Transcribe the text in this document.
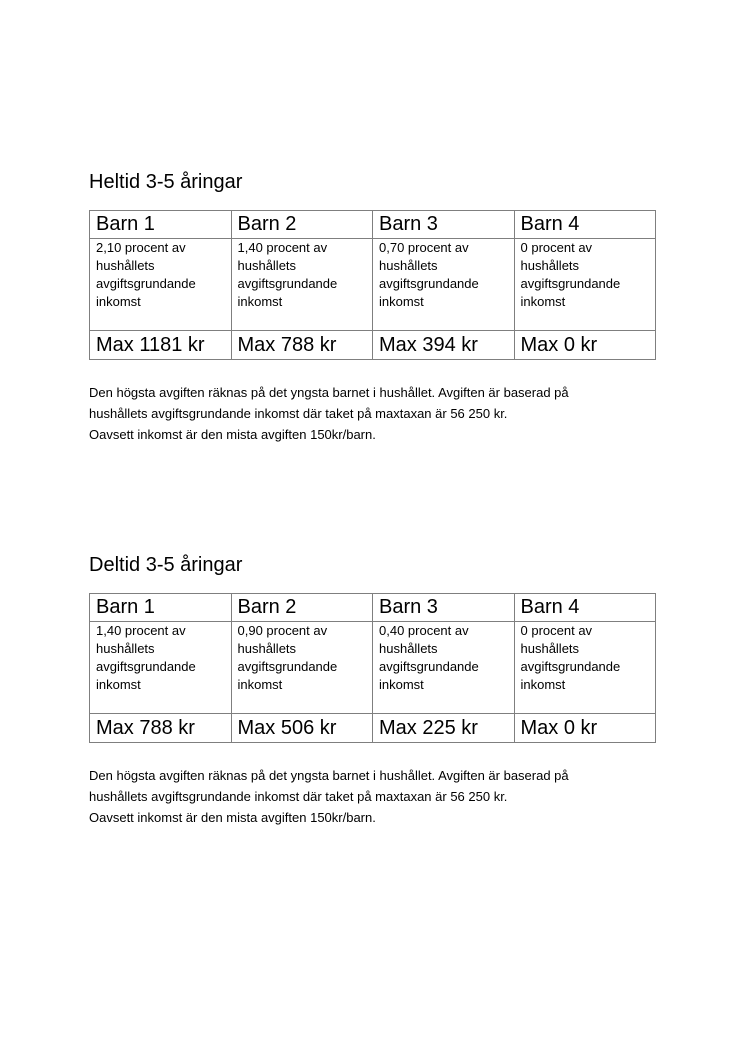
Heltid 3-5 åringar
Barn 1	Barn 2	Barn 3	Barn 4
2,10 procent av hushållets avgiftsgrundande inkomst	1,40 procent av hushållets avgiftsgrundande inkomst	0,70 procent av hushållets avgiftsgrundande inkomst	0 procent av hushållets avgiftsgrundande inkomst
Max 1181 kr	Max 788 kr	Max 394 kr	Max 0 kr

Den högsta avgiften räknas på det yngsta barnet i hushållet. Avgiften är baserad på

hushållets avgiftsgrundande inkomst där taket på maxtaxan är 56 250 kr.

Oavsett inkomst är den mista avgiften 150kr/barn.

Deltid 3-5 åringar
Barn 1	Barn 2	Barn 3	Barn 4
1,40 procent av hushållets avgiftsgrundande inkomst	0,90 procent av hushållets avgiftsgrundande inkomst	0,40 procent av hushållets avgiftsgrundande inkomst	0 procent av hushållets avgiftsgrundande inkomst
Max 788 kr	Max 506 kr	Max 225 kr	Max 0 kr

Den högsta avgiften räknas på det yngsta barnet i hushållet. Avgiften är baserad på

hushållets avgiftsgrundande inkomst där taket på maxtaxan är 56 250 kr.

Oavsett inkomst är den mista avgiften 150kr/barn.
